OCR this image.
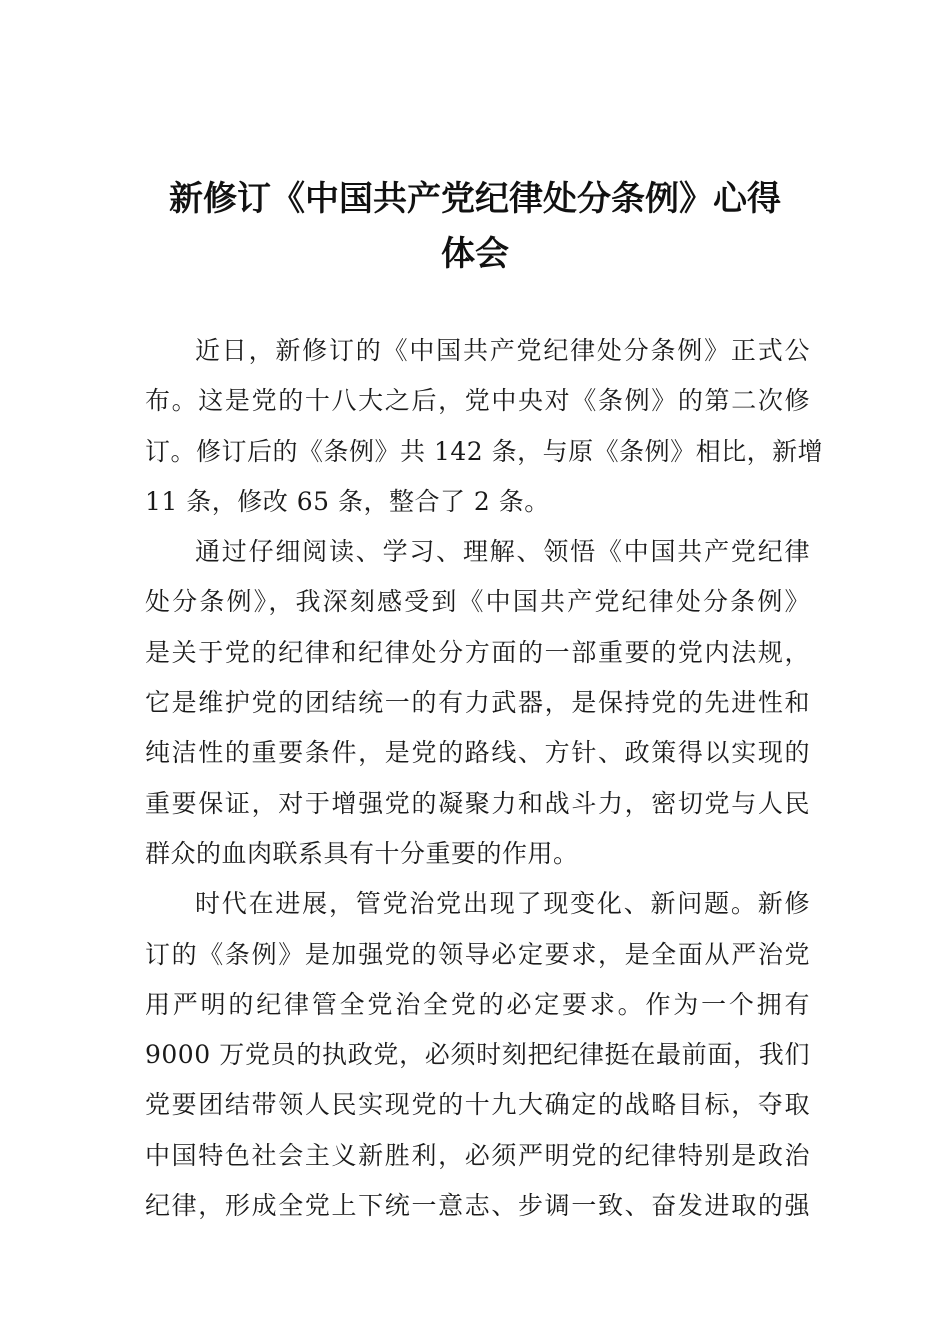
新修订《中国共产党纪律处分条例》心得
体会

近日，新修订的《中国共产党纪律处分条例》正式公
布。这是党的十八大之后，党中央对《条例》的第二次修
订。修订后的《条例》共 142 条，与原《条例》相比，新增
11 条，修改 65 条，整合了 2 条。

通过仔细阅读、学习、理解、领悟《中国共产党纪律
处分条例》，我深刻感受到《中国共产党纪律处分条例》
是关于党的纪律和纪律处分方面的一部重要的党内法规，
它是维护党的团结统一的有力武器，是保持党的先进性和
纯洁性的重要条件，是党的路线、方针、政策得以实现的
重要保证，对于增强党的凝聚力和战斗力，密切党与人民
群众的血肉联系具有十分重要的作用。

时代在进展，管党治党出现了现变化、新问题。新修
订的《条例》是加强党的领导必定要求，是全面从严治党
用严明的纪律管全党治全党的必定要求。作为一个拥有
9000 万党员的执政党，必须时刻把纪律挺在最前面，我们
党要团结带领人民实现党的十九大确定的战略目标，夺取
中国特色社会主义新胜利，必须严明党的纪律特别是政治
纪律，形成全党上下统一意志、步调一致、奋发进取的强
